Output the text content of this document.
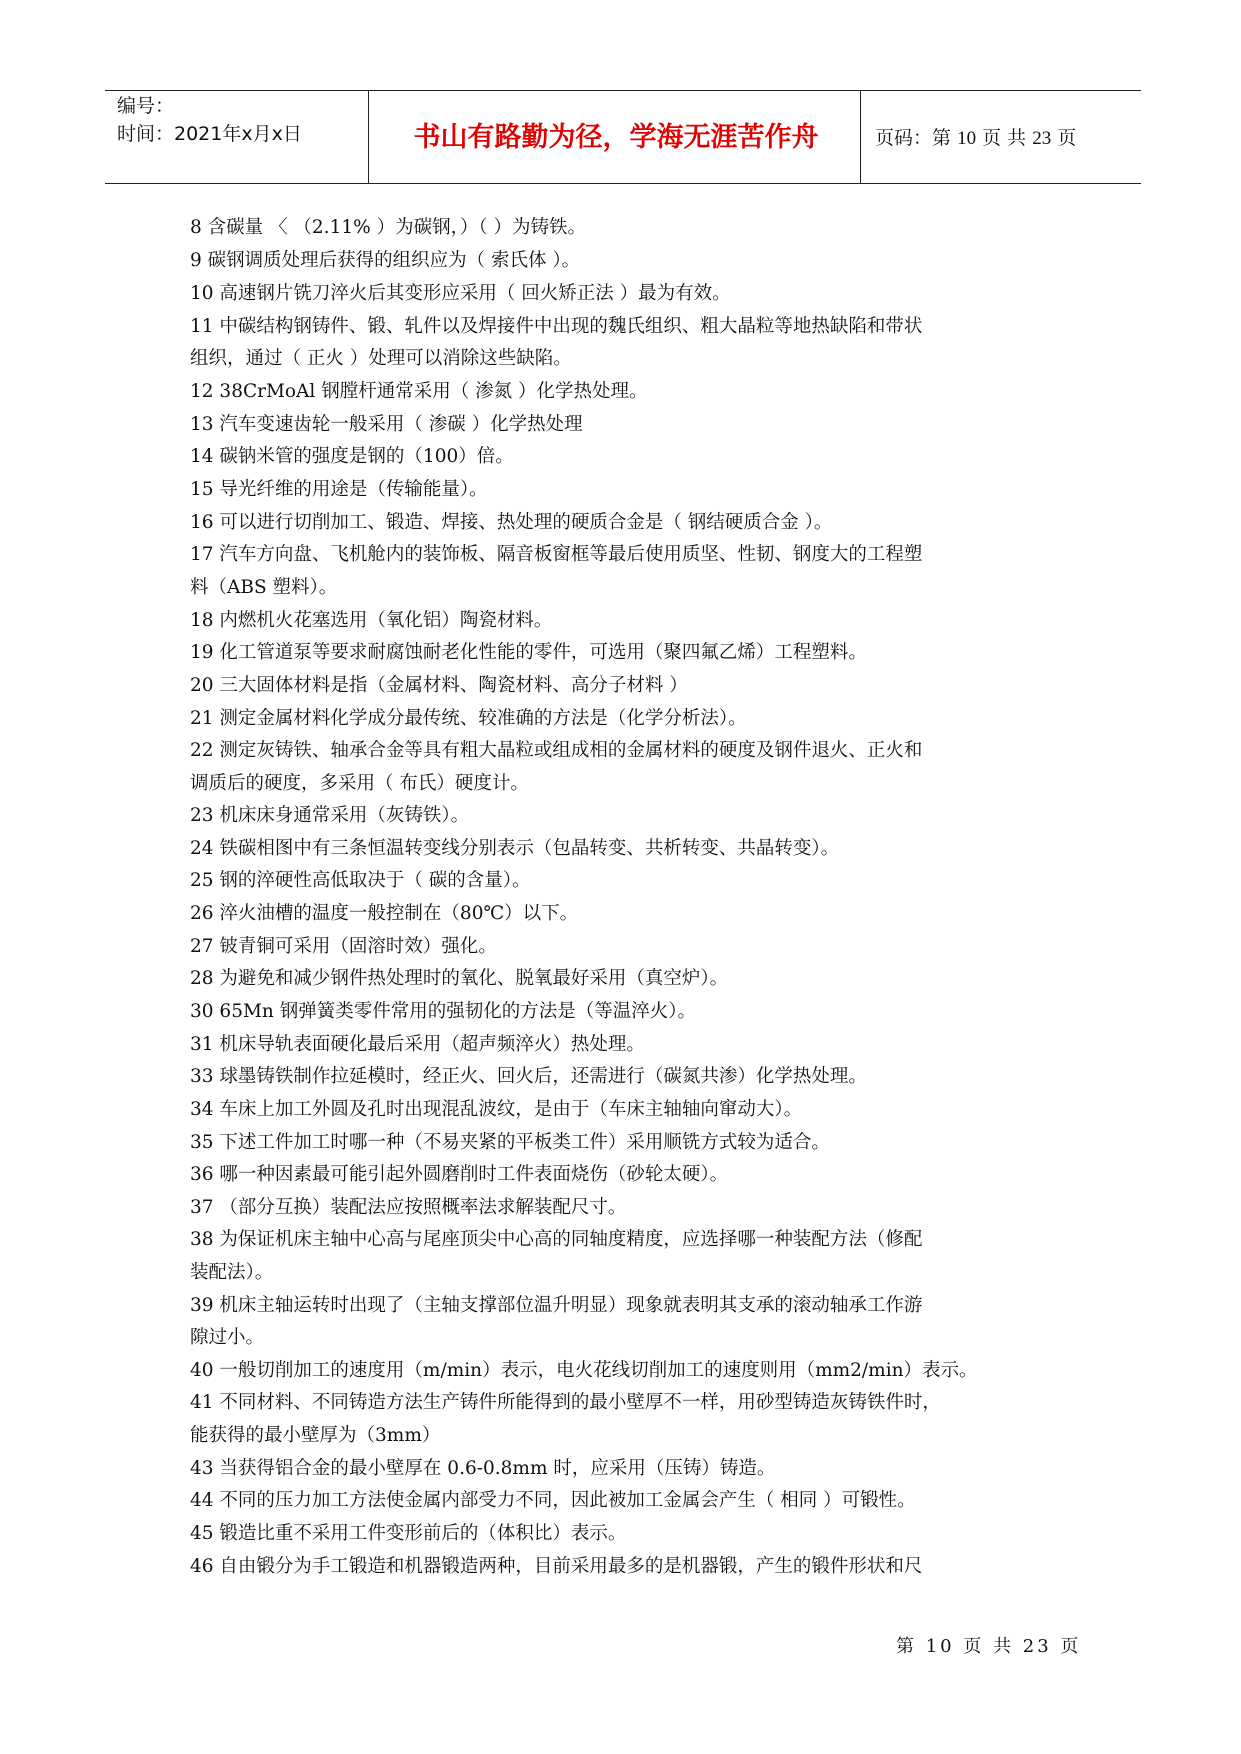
编号：
时间：2021年x月x日	书山有路勤为径，学海无涯苦作舟	页码：第 10 页 共 23 页
8 含碳量 〈 （2.11% ）为碳钢，）（ ）为铸铁。
9 碳钢调质处理后获得的组织应为（ 索氏体 ）。
10 高速钢片铣刀淬火后其变形应采用（ 回火矫正法 ）最为有效。
11 中碳结构钢铸件、锻、轧件以及焊接件中出现的魏氏组织、粗大晶粒等地热缺陷和带状
组织，通过（ 正火 ）处理可以消除这些缺陷。
12 38CrMoAl 钢膛杆通常采用（ 渗氮 ）化学热处理。
13 汽车变速齿轮一般采用（ 渗碳 ）化学热处理
14 碳钠米管的强度是钢的（100）倍。
15 导光纤维的用途是（传输能量）。
16 可以进行切削加工、锻造、焊接、热处理的硬质合金是（ 钢结硬质合金 ）。
17 汽车方向盘、飞机舱内的装饰板、隔音板窗框等最后使用质坚、性韧、钢度大的工程塑
料（ABS 塑料）。
18 内燃机火花塞选用（氧化铝）陶瓷材料。
19 化工管道泵等要求耐腐蚀耐老化性能的零件，可选用（聚四氟乙烯）工程塑料。
20 三大固体材料是指（金属材料、陶瓷材料、高分子材料 ）
21 测定金属材料化学成分最传统、较准确的方法是（化学分析法）。
22 测定灰铸铁、轴承合金等具有粗大晶粒或组成相的金属材料的硬度及钢件退火、正火和
调质后的硬度，多采用（ 布氏）硬度计。
23 机床床身通常采用（灰铸铁）。
24 铁碳相图中有三条恒温转变线分别表示（包晶转变、共析转变、共晶转变）。
25 钢的淬硬性高低取决于（ 碳的含量）。
26 淬火油槽的温度一般控制在（80℃）以下。
27 铍青铜可采用（固溶时效）强化。
28 为避免和减少钢件热处理时的氧化、脱氧最好采用（真空炉）。
30 65Mn 钢弹簧类零件常用的强韧化的方法是（等温淬火）。
31 机床导轨表面硬化最后采用（超声频淬火）热处理。
33 球墨铸铁制作拉延模时，经正火、回火后，还需进行（碳氮共渗）化学热处理。
34 车床上加工外圆及孔时出现混乱波纹，是由于（车床主轴轴向窜动大）。
35 下述工件加工时哪一种（不易夹紧的平板类工件）采用顺铣方式较为适合。
36 哪一种因素最可能引起外圆磨削时工件表面烧伤（砂轮太硬）。
37 （部分互换）装配法应按照概率法求解装配尺寸。
38 为保证机床主轴中心高与尾座顶尖中心高的同轴度精度，应选择哪一种装配方法（修配
装配法）。
39 机床主轴运转时出现了（主轴支撑部位温升明显）现象就表明其支承的滚动轴承工作游
隙过小。
40 一般切削加工的速度用（m/min）表示，电火花线切削加工的速度则用（mm2/min）表示。
41 不同材料、不同铸造方法生产铸件所能得到的最小壁厚不一样，用砂型铸造灰铸铁件时，
能获得的最小壁厚为（3mm）
43 当获得铝合金的最小壁厚在 0.6-0.8mm 时，应采用（压铸）铸造。
44 不同的压力加工方法使金属内部受力不同，因此被加工金属会产生（ 相同 ）可锻性。
45 锻造比重不采用工件变形前后的（体积比）表示。
46 自由锻分为手工锻造和机器锻造两种，目前采用最多的是机器锻，产生的锻件形状和尺
第 10 页 共 23 页
